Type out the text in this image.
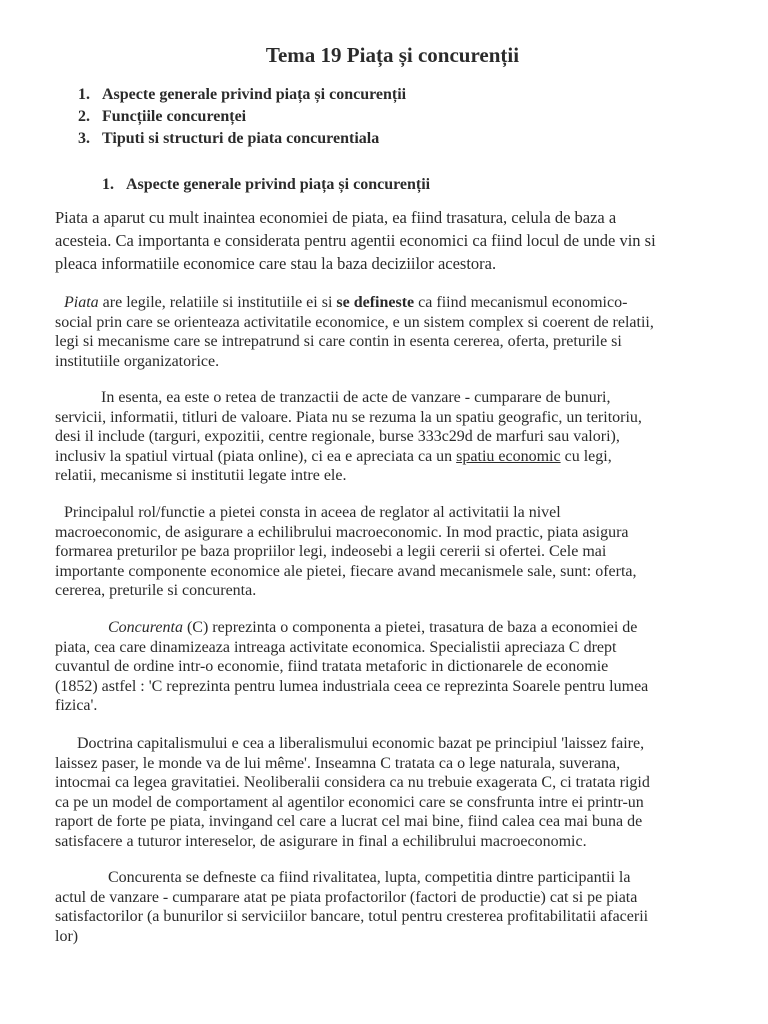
Tema 19 Piața și concurenții
1. Aspecte generale privind piața și concurenții
2. Funcțiile concurenței
3. Tiputi si structuri de piata concurentiala
1. Aspecte generale privind piața și concurenții
Piata a aparut cu mult inaintea economiei de piata, ea fiind trasatura, celula de baza a
acesteia. Ca importanta e considerata pentru agentii economici ca fiind locul de unde vin si
pleaca informatiile economice care stau la baza deciziilor acestora.
Piata are legile, relatiile si institutiile ei si se defineste ca fiind mecanismul economico-
social prin care se orienteaza activitatile economice, e un sistem complex si coerent de relatii,
legi si mecanisme care se intrepatrund si care contin in esenta cererea, oferta, preturile si
institutiile organizatorice.
In esenta, ea este o retea de tranzactii de acte de vanzare - cumparare de bunuri,
servicii, informatii, titluri de valoare. Piata nu se rezuma la un spatiu geografic, un teritoriu,
desi il include (targuri, expozitii, centre regionale, burse 333c29d de marfuri sau valori),
inclusiv la spatiul virtual (piata online), ci ea e apreciata ca un spatiu economic cu legi,
relatii, mecanisme si institutii legate intre ele.
Principalul rol/functie a pietei consta in aceea de reglator al activitatii la nivel
macroeconomic, de asigurare a echilibrului macroeconomic. In mod practic, piata asigura
formarea preturilor pe baza propriilor legi, indeosebi a legii cererii si ofertei. Cele mai
importante componente economice ale pietei, fiecare avand mecanismele sale, sunt: oferta,
cererea, preturile si concurenta.
Concurenta (C) reprezinta o componenta a pietei, trasatura de baza a economiei de
piata, cea care dinamizeaza intreaga activitate economica. Specialistii apreciaza C drept
cuvantul de ordine intr-o economie, fiind tratata metaforic in dictionarele de economie
(1852) astfel : 'C reprezinta pentru lumea industriala ceea ce reprezinta Soarele pentru lumea
fizica'.
Doctrina capitalismului e cea a liberalismului economic bazat pe principiul 'laissez faire,
laissez paser, le monde va de lui même'. Inseamna C tratata ca o lege naturala, suverana,
intocmai ca legea gravitatiei. Neoliberalii considera ca nu trebuie exagerata C, ci tratata rigid
ca pe un model de comportament al agentilor economici care se consfrunta intre ei printr-un
raport de forte pe piata, invingand cel care a lucrat cel mai bine, fiind calea cea mai buna de
satisfacere a tuturor intereselor, de asigurare in final a echilibrului macroeconomic.
Concurenta se defneste ca fiind rivalitatea, lupta, competitia dintre participantii la
actul de vanzare - cumparare atat pe piata profactorilor (factori de productie) cat si pe piata
satisfactorilor (a bunurilor si serviciilor bancare, totul pentru cresterea profitabilitatii afacerii
lor)
